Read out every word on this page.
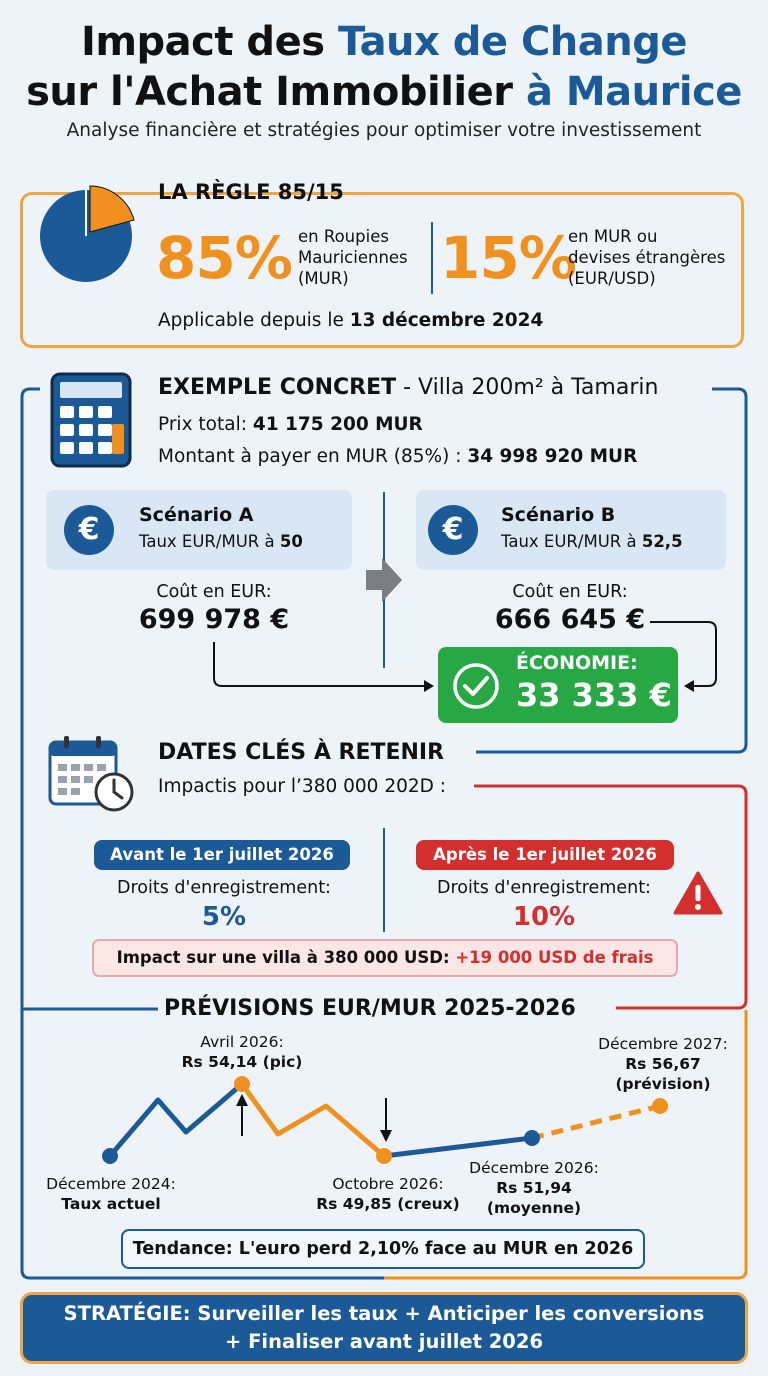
Impact des Taux de Change
sur l'Achat Immobilier à Maurice
Analyse financière et stratégies pour optimiser votre investissement
LA RÈGLE 85/15
85% en Roupies
Mauriciennes
(MUR)	15%
en MUR ou
devises étrangères
(EUR/USD)
Applicable depuis le 13 décembre 2024
EXEMPLE CONCRET - Villa 200m² à Tamarin
Prix total: 41 175 200 MUR
Montant à payer en MUR (85%) : 34 998 920 MUR
€	Scénario A
Taux EUR/MUR à 50	€	Scénario B
Taux EUR/MUR à 52,5
Coût en EUR:
699 978 €
Coût en EUR:
666 645 €
ÉCONOMIE:
33 333 €
DATES CLÉS À RETENIR
Impactis pour l’380 000 202D :
Avant le 1er juillet 2026
Droits d'enregistrement:
5%
Après le 1er juillet 2026
Droits d'enregistrement:
10%
Impact sur une villa à 380 000 USD: +19 000 USD de frais
PRÉVISIONS EUR/MUR 2025-2026
Avril 2026:
Rs 54,14 (pic)
Décembre 2027:
Rs 56,67
(prévision)
Décembre 2024:
Taux actuel
Octobre 2026:
Rs 49,85 (creux)
Décembre 2026:
Rs 51,94
(moyenne)
Tendance: L'euro perd 2,10% face au MUR en 2026
STRATÉGIE: Surveiller les taux + Anticiper les conversions
+ Finaliser avant juillet 2026
